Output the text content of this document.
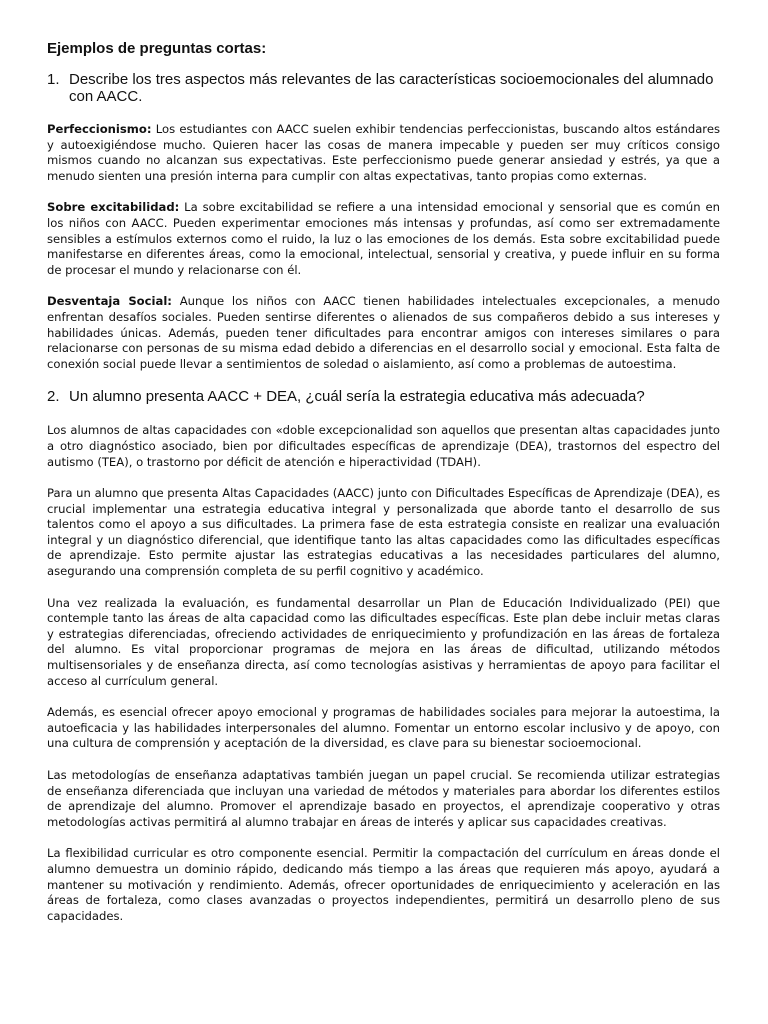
Ejemplos de preguntas cortas:
1. Describe los tres aspectos más relevantes de las características socioemocionales del alumnado con AACC.

Perfeccionismo: Los estudiantes con AACC suelen exhibir tendencias perfeccionistas, buscando altos estándares y autoexigiéndose mucho. Quieren hacer las cosas de manera impecable y pueden ser muy críticos consigo mismos cuando no alcanzan sus expectativas. Este perfeccionismo puede generar ansiedad y estrés, ya que a menudo sienten una presión interna para cumplir con altas expectativas, tanto propias como externas.

Sobre excitabilidad: La sobre excitabilidad se refiere a una intensidad emocional y sensorial que es común en los niños con AACC. Pueden experimentar emociones más intensas y profundas, así como ser extremadamente sensibles a estímulos externos como el ruido, la luz o las emociones de los demás. Esta sobre excitabilidad puede manifestarse en diferentes áreas, como la emocional, intelectual, sensorial y creativa, y puede influir en su forma de procesar el mundo y relacionarse con él.

Desventaja Social: Aunque los niños con AACC tienen habilidades intelectuales excepcionales, a menudo enfrentan desafíos sociales. Pueden sentirse diferentes o alienados de sus compañeros debido a sus intereses y habilidades únicas. Además, pueden tener dificultades para encontrar amigos con intereses similares o para relacionarse con personas de su misma edad debido a diferencias en el desarrollo social y emocional. Esta falta de conexión social puede llevar a sentimientos de soledad o aislamiento, así como a problemas de autoestima.

2. Un alumno presenta AACC + DEA, ¿cuál sería la estrategia educativa más adecuada?

Los alumnos de altas capacidades con «doble excepcionalidad son aquellos que presentan altas capacidades junto a otro diagnóstico asociado, bien por dificultades específicas de aprendizaje (DEA), trastornos del espectro del autismo (TEA), o trastorno por déficit de atención e hiperactividad (TDAH).

Para un alumno que presenta Altas Capacidades (AACC) junto con Dificultades Específicas de Aprendizaje (DEA), es crucial implementar una estrategia educativa integral y personalizada que aborde tanto el desarrollo de sus talentos como el apoyo a sus dificultades. La primera fase de esta estrategia consiste en realizar una evaluación integral y un diagnóstico diferencial, que identifique tanto las altas capacidades como las dificultades específicas de aprendizaje. Esto permite ajustar las estrategias educativas a las necesidades particulares del alumno, asegurando una comprensión completa de su perfil cognitivo y académico.

Una vez realizada la evaluación, es fundamental desarrollar un Plan de Educación Individualizado (PEI) que contemple tanto las áreas de alta capacidad como las dificultades específicas. Este plan debe incluir metas claras y estrategias diferenciadas, ofreciendo actividades de enriquecimiento y profundización en las áreas de fortaleza del alumno. Es vital proporcionar programas de mejora en las áreas de dificultad, utilizando métodos multisensoriales y de enseñanza directa, así como tecnologías asistivas y herramientas de apoyo para facilitar el acceso al currículum general.

Además, es esencial ofrecer apoyo emocional y programas de habilidades sociales para mejorar la autoestima, la autoeficacia y las habilidades interpersonales del alumno. Fomentar un entorno escolar inclusivo y de apoyo, con una cultura de comprensión y aceptación de la diversidad, es clave para su bienestar socioemocional.

Las metodologías de enseñanza adaptativas también juegan un papel crucial. Se recomienda utilizar estrategias de enseñanza diferenciada que incluyan una variedad de métodos y materiales para abordar los diferentes estilos de aprendizaje del alumno. Promover el aprendizaje basado en proyectos, el aprendizaje cooperativo y otras metodologías activas permitirá al alumno trabajar en áreas de interés y aplicar sus capacidades creativas.

La flexibilidad curricular es otro componente esencial. Permitir la compactación del currículum en áreas donde el alumno demuestra un dominio rápido, dedicando más tiempo a las áreas que requieren más apoyo, ayudará a mantener su motivación y rendimiento. Además, ofrecer oportunidades de enriquecimiento y aceleración en las áreas de fortaleza, como clases avanzadas o proyectos independientes, permitirá un desarrollo pleno de sus capacidades.
